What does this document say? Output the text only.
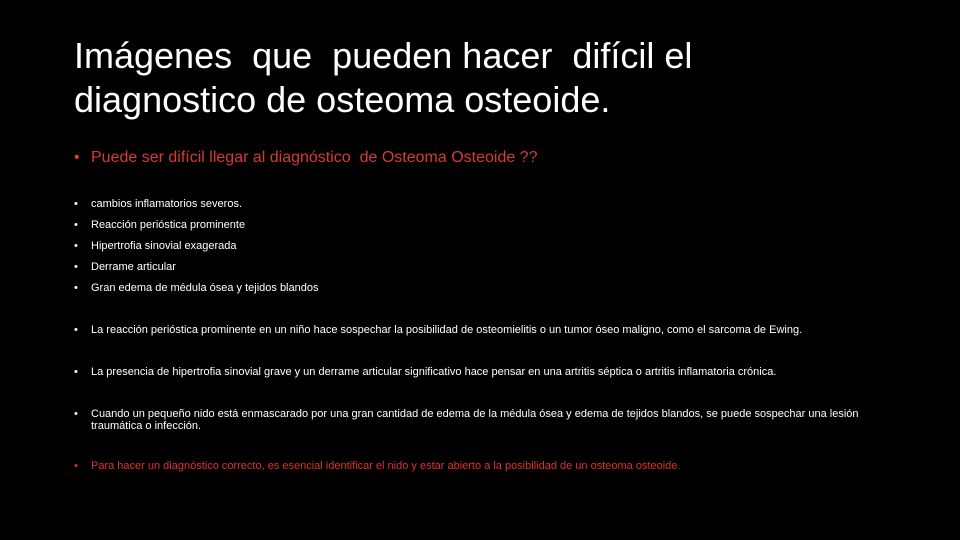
Imágenes  que  pueden hacer  difícil el
diagnostico de osteoma osteoide.
• Puede ser difícil llegar al diagnóstico  de Osteoma Osteoide ??
•	cambios inflamatorios severos.
•	Reacción perióstica prominente
•	Hipertrofia sinovial exagerada
•	Derrame articular
•	Gran edema de médula ósea y tejidos blandos
•	La reacción perióstica prominente en un niño hace sospechar la posibilidad de osteomielitis o un tumor óseo maligno, como el sarcoma de Ewing.
•	La presencia de hipertrofia sinovial grave y un derrame articular significativo hace pensar en una artritis séptica o artritis inflamatoria crónica.
•	Cuando un pequeño nido está enmascarado por una gran cantidad de edema de la médula ósea y edema de tejidos blandos, se puede sospechar una lesión traumática o infección.
•	Para hacer un diagnóstico correcto, es esencial identificar el nido y estar abierto a la posibilidad de un osteoma osteoide.
